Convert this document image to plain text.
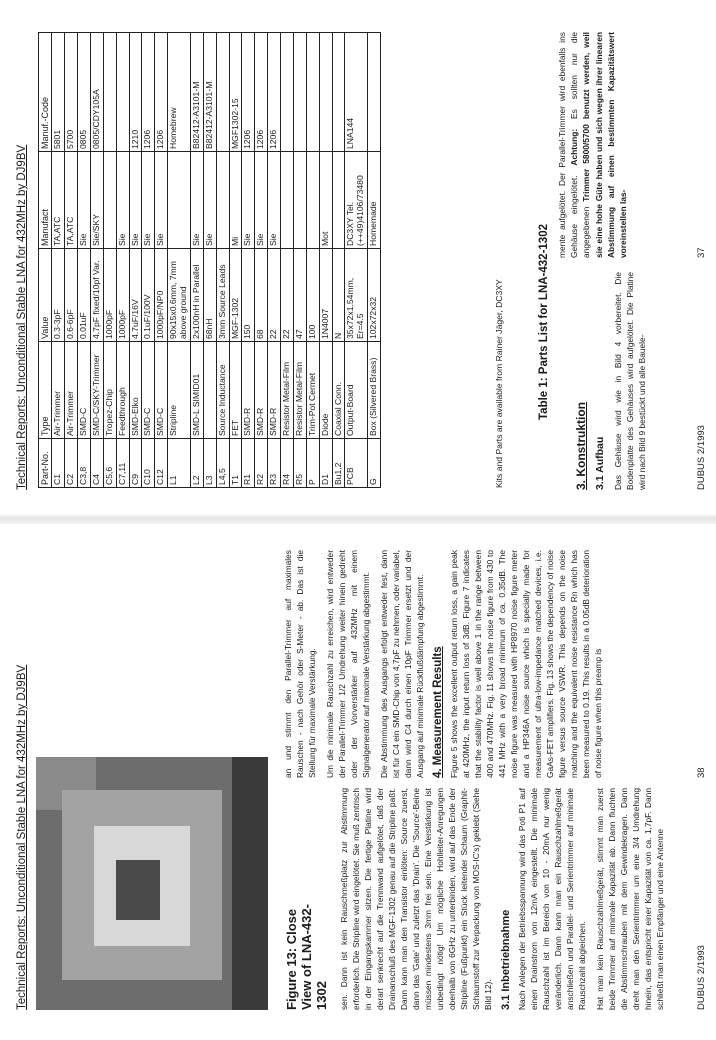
Technical Reports: Unconditional Stable LNA for 432MHz by DJ9BV Part-No.	Type	Value	Manufact	Manuf.-Code
C1	Air-Trimmer	0.3-3pF	TA,ATC	5801
C2	Air-Trimmer	0.6-6pF	TA,ATC	5700
C3,8	SMD-C	0.01uF	Sie	0805
C4	SMD-C/SKY-Trimmer	4.7pF fixed/10pf Var.	Sie/SKY	0805/CDY105A
C5,6	Tropez-Chip	1000pF		
C7,11	Feedthrough	1000pF	Sie	
C9	SMD-Elko	4.7uF/16V	Sie	1210
C10	SMD-C	0.1uF/100V	Sie	1206
C12	SMD-C	1000pF/NP0	Sie	1206
L1	Stripline	90x15x0.6mm, 7mm above ground		Homebrew
L2	SMD-L SIMID01	2x100nH in Parallel	Sie	B82412-A3101-M
L3		68nH	Sie	B82412-A3101-M
L4,5	Source Inductance	3mm Source Leads		
T1	FET	MGF-1302	Mi	MGF1302-15
R1	SMD-R	150	Sie	1206
R2	SMD-R	68	Sie	1206
R3	SMD-R	22	Sie	1206
R4	Resistor Metal-Film	22		
R5	Resistor Metal-Film	47		
P	Trim-Pot Cermet	100		
D1	Diode	1N4007	Mot	
Bu1,2	Coaxial Conn.	N		
PCB	Output-Board	35x72x1.54mm, Er=4.5	DC3XY Tel. (++49)4106/73480	LNA144
G	Box (Silvered Brass)	102x72x32	Homemade	
Kits and Parts are available from Rainer Jäger, DC3XY	Table 1: Parts List for LNA-432-1302
3. Konstruktion 3.1 Aufbau Das Gehäuse wird wie in Bild 4 vorbereitet. Die Bodenplatte des Gehäuses wird aufgelötet. Die Platine wird nach Bild 9 bestückt und alle Bauele-
mente aufgelötet. Der Parallel-Trimmer wird ebenfalls ins Gehäuse eingelötet. Achtung: Es sollten nur die angegebenen Trimmer 5800/5700 benutzt werden, weil sie eine hohe Güte haben und sich wegen ihrer linearen Abstimmung auf einen bestimmten Kapazitätswert voreinstellen las-
DUBUS 2/1993
37
Technical Reports: Unconditional Stable LNA for 432MHz by DJ9BV	Figure 13: Close View of LNA-432-1302 sen. Dann ist kein Rauschmeßplatz zur Abstimmung erforderlich. Die Stripline wird eingelötet. Sie muß zentrisch in der Eingangskammer sitzen. Die fertige Platine wird derart senkrecht auf die Trennwand aufgelötet, daß der Drainanschluß des MGF-1302 genau auf die Stripline paßt. Dann kann man den Transistor einlöten: Source zuerst, dann das 'Gate' und zuletzt das 'Drain'. Die 'Source'-Beine müssen mindestens 3mm frei sein. Eine Verstärkung ist unbedingt nötig! Um mögliche Hohlleiter-Anregungen oberhalb von 6GHz zu unterbinden, wird auf das Ende der Stripline (Fußpunkt) ein Stück leitender Schaum (Graphit-Schaumstoff zur Verpackung von MOS-IC's) geklebt (Siehe Bild 12). 3.1 Inbetriebnahme Nach Anlegen der Betriebsspannung wird das Poti P1 auf einen Drainstrom von 12mA eingestellt. Die minimale Rauschzahl ist im Bereich von 10 - 20mA nur wenig veränderlich. Dann kann man ein Rauschzahlmeßgerät anschließen und Parallel- und Serientrimmer auf minimale Rauschzahl abgleichen. Hat man kein Rauschzahlmeßgerät, stimmt man zuerst beide Trimmer auf minimale Kapazität ab. Dann fluchten die Abstimmschrauben mit dem Gewindekragen. Dann dreht man den Serientrimmer um eine 3/4 Umdrehung hinein, das entspricht einer Kapazität von ca. 1,7pF. Dann schließt man einen Empfänger und eine Antenne

an und stimmt den Parallel-Trimmer auf maximales Rauschen - nach Gehör oder S-Meter - ab. Das ist die Stellung für maximale Verstärkung. Um die minimale Rauschzahl zu erreichen, wird entweder der Parallel-Trimmer 1/2 Umdrehung weiter hinein gedreht oder der Vorverstärker auf 432MHz mit einem Signalgenerator auf maximale Verstärkung abgestimmt. Die Abstimmung des Ausgangs erfolgt entweder fest, dann ist für C4 ein SMD-Chip von 4,7pF zu nehmen, oder variabel, dann wird C4 durch einen 10pF Trimmer ersetzt und der Ausgang auf minimale Rückflußdämpfung abgestimmt. 4. Measurement Results Figure 5 shows the excellent output return loss, a gain peak at 420MHz, the input return loss of 3dB. Figure 7 indicates that the stability factor is well above 1 in the range between 400 and 470MHz. Fig. 11 shows the noise figure from 430 to 441 MHz with a very broad minimum of ca. 0.35dB. The noise figure was measured with HP8970 noise figure meter and a HP346A noise source which is specially made for measurement of ultra-low-impedance matched devices, i.e. GaAs-FET amplifiers. Fig. 13 shows the dependency of noise figure versus source VSWR. This depends on the noise matching and the equivalent noise resistance Rn which has been measured to 0.19. This results in a 0.05dB deterioration of noise figure when this preamp is

DUBUS 2/1993
38
